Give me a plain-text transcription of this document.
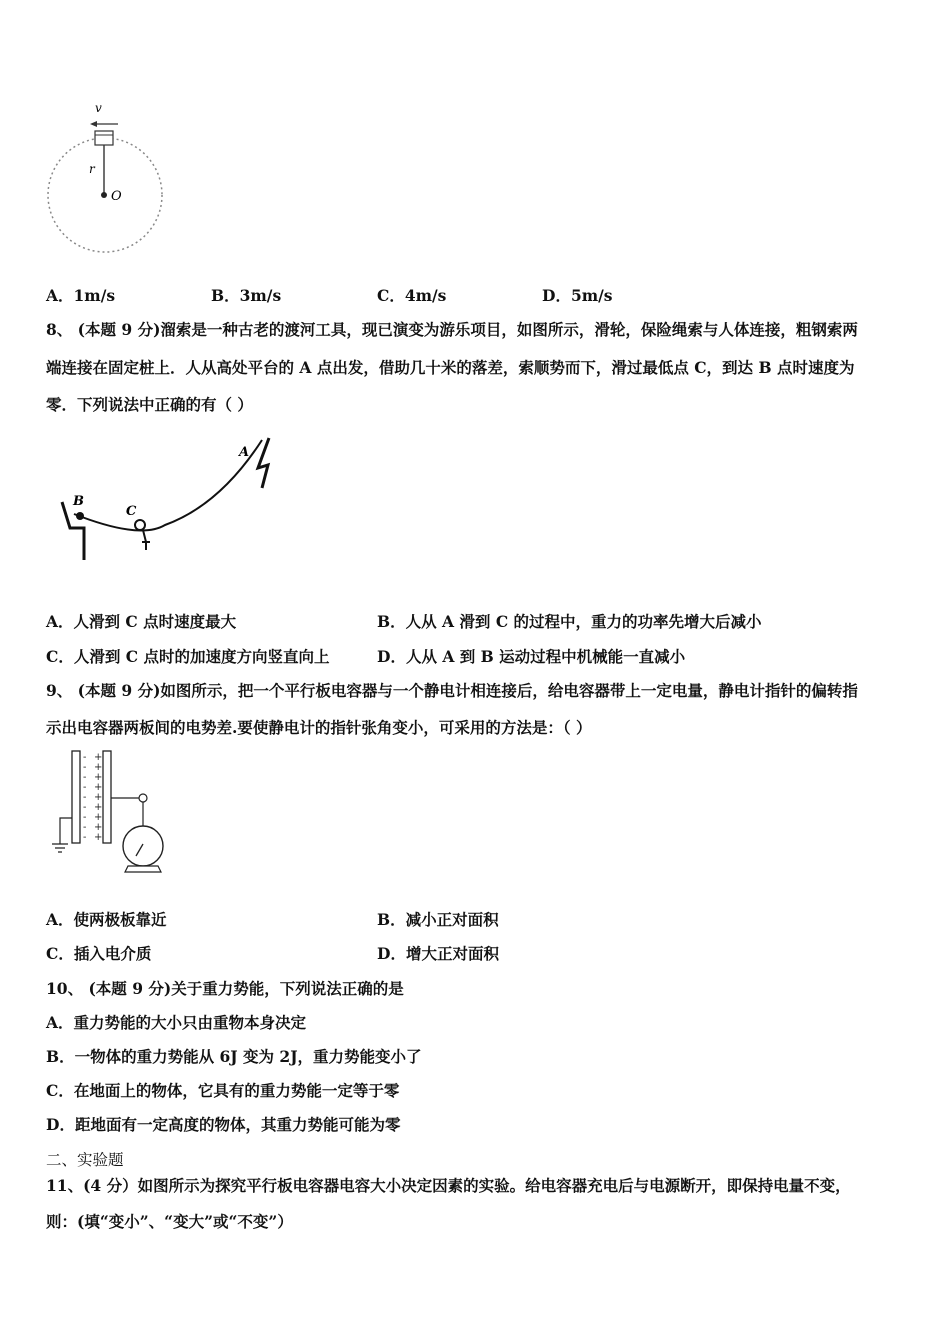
v
r
O
A．1m/s	B．3m/s	C．4m/s	D．5m/s
8、 (本题 9 分)溜索是一种古老的渡河工具，现已演变为游乐项目，如图所示，滑轮，保险绳索与人体连接，粗钢索两
端连接在固定桩上．人从高处平台的 A 点出发，借助几十米的落差，索顺势而下，滑过最低点 C，到达 B 点时速度为
零．下列说法中正确的有（ ）
B
C
A
A．人滑到 C 点时速度最大	B．人从 A 滑到 C 的过程中，重力的功率先增大后减小
C．人滑到 C 点时的加速度方向竖直向上	D．人从 A 到 B 运动过程中机械能一直减小
9、 (本题 9 分)如图所示，把一个平行板电容器与一个静电计相连接后，给电容器带上一定电量，静电计指针的偏转指
示出电容器两板间的电势差.要使静电计的指针张角变小，可采用的方法是：（ ）
-
-
-
-
-
-
-
-
-
+
+
+
+
+
+
+
+
+
A．使两极板靠近	B．减小正对面积
C．插入电介质	D．增大正对面积
10、 (本题 9 分)关于重力势能，下列说法正确的是
A．重力势能的大小只由重物本身决定
B．一物体的重力势能从 6J 变为 2J，重力势能变小了
C．在地面上的物体，它具有的重力势能一定等于零
D．距地面有一定高度的物体，其重力势能可能为零
二、实验题
11、(4 分）如图所示为探究平行板电容器电容大小决定因素的实验。给电容器充电后与电源断开，即保持电量不变，
则：(填“变小”、“变大”或“不变”）
